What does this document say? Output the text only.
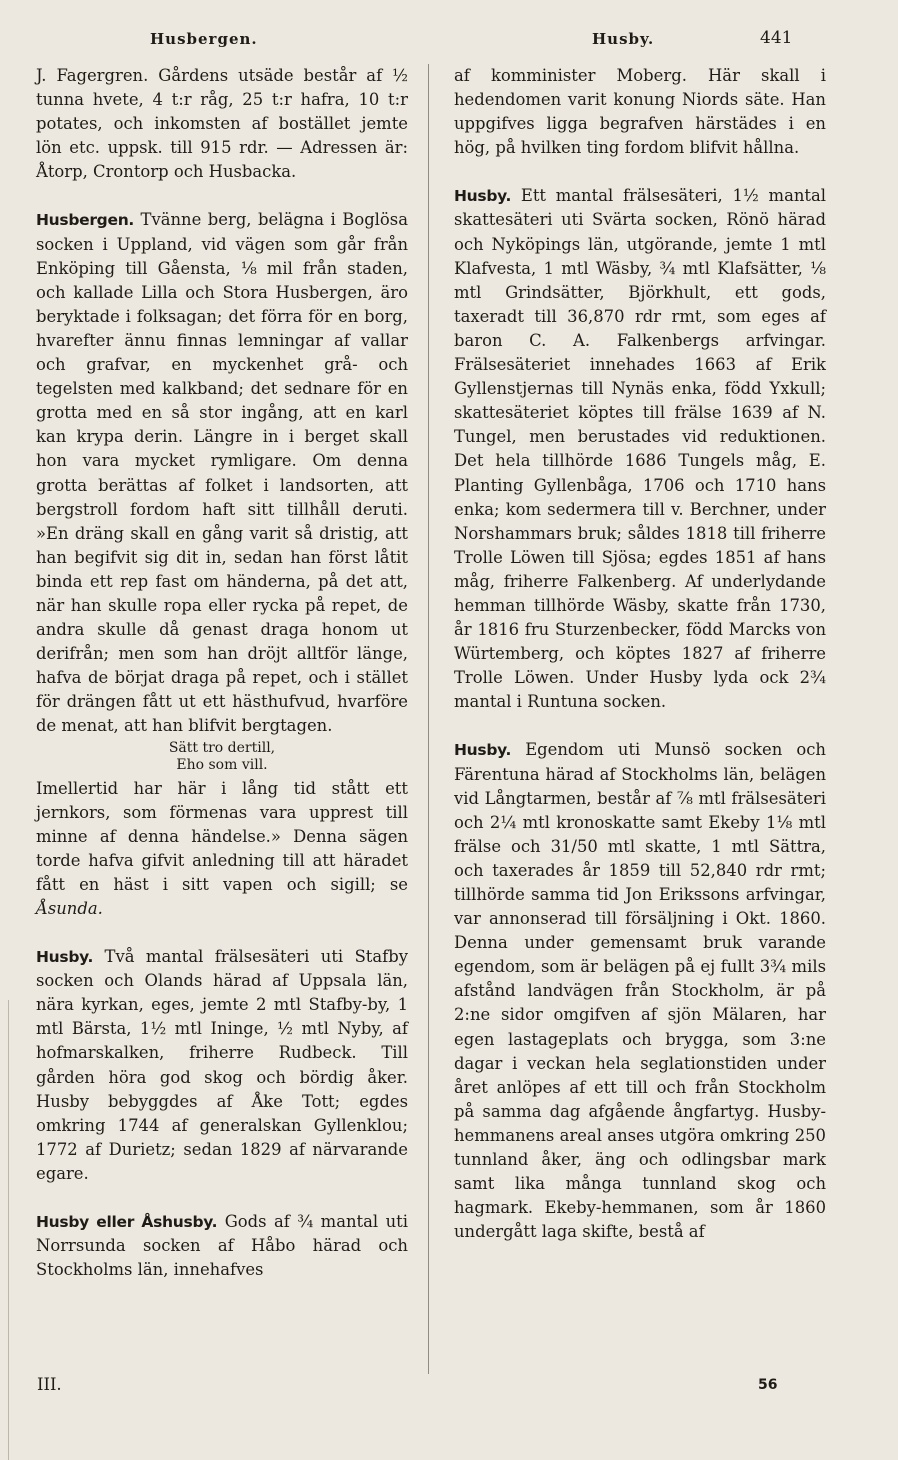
Husbergen.	Husby.	441

J. Fagergren. Gårdens utsäde består af ½ tunna hvete, 4 t:r råg, 25 t:r hafra, 10 t:r potates, och inkomsten af bostället jemte lön etc. uppsk. till 915 rdr. — Adressen är: Åtorp, Crontorp och Husbacka.

Husbergen. Tvänne berg, belägna i Boglösa socken i Uppland, vid vägen som går från Enköping till Gåensta, ⅛ mil från staden, och kallade Lilla och Stora Husbergen, äro beryktade i folksagan; det förra för en borg, hvarefter ännu finnas lemningar af vallar och grafvar, en myckenhet grå- och tegelsten med kalkband; det sednare för en grotta med en så stor ingång, att en karl kan krypa derin. Längre in i berget skall hon vara mycket rymligare. Om denna grotta berättas af folket i landsorten, att bergstroll fordom haft sitt tillhåll deruti. »En dräng skall en gång varit så dristig, att han begifvit sig dit in, sedan han först låtit binda ett rep fast om händerna, på det att, när han skulle ropa eller rycka på repet, de andra skulle då genast draga honom ut derifrån; men som han dröjt alltför länge, hafva de börjat draga på repet, och i stället för drängen fått ut ett hästhufvud, hvarföre de menat, att han blifvit bergtagen.

Sätt tro dertill,
Eho som vill.

Imellertid har här i lång tid stått ett jernkors, som förmenas vara upprest till minne af denna händelse.» Denna sägen torde hafva gifvit anledning till att häradet fått en häst i sitt vapen och sigill; se Åsunda.

Husby. Två mantal frälsesäteri uti Stafby socken och Olands härad af Uppsala län, nära kyrkan, eges, jemte 2 mtl Stafby-by, 1 mtl Bärsta, 1½ mtl Ininge, ½ mtl Nyby, af hofmarskalken, friherre Rudbeck. Till gården höra god skog och bördig åker. Husby bebyggdes af Åke Tott; egdes omkring 1744 af generalskan Gyllenklou; 1772 af Durietz; sedan 1829 af närvarande egare.

Husby eller Åshusby. Gods af ¾ mantal uti Norrsunda socken af Håbo härad och Stockholms län, innehafves

af komminister Moberg. Här skall i hedendomen varit konung Niords säte. Han uppgifves ligga begrafven härstädes i en hög, på hvilken ting fordom blifvit hållna.

Husby. Ett mantal frälsesäteri, 1½ mantal skattesäteri uti Svärta socken, Rönö härad och Nyköpings län, utgörande, jemte 1 mtl Klafvesta, 1 mtl Wäsby, ¾ mtl Klafsätter, ⅛ mtl Grindsätter, Björkhult, ett gods, taxeradt till 36,870 rdr rmt, som eges af baron C. A. Falkenbergs arfvingar. Frälsesäteriet innehades 1663 af Erik Gyllenstjernas till Nynäs enka, född Yxkull; skattesäteriet köptes till frälse 1639 af N. Tungel, men berustades vid reduktionen. Det hela tillhörde 1686 Tungels måg, E. Planting Gyllenbåga, 1706 och 1710 hans enka; kom sedermera till v. Berchner, under Norshammars bruk; såldes 1818 till friherre Trolle Löwen till Sjösa; egdes 1851 af hans måg, friherre Falkenberg. Af underlydande hemman tillhörde Wäsby, skatte från 1730, år 1816 fru Sturzenbecker, född Marcks von Würtemberg, och köptes 1827 af friherre Trolle Löwen. Under Husby lyda ock 2¾ mantal i Runtuna socken.

Husby. Egendom uti Munsö socken och Färentuna härad af Stockholms län, belägen vid Långtarmen, består af ⅞ mtl frälsesäteri och 2¼ mtl kronoskatte samt Ekeby 1⅛ mtl frälse och 31/50 mtl skatte, 1 mtl Sättra, och taxerades år 1859 till 52,840 rdr rmt; tillhörde samma tid Jon Erikssons arfvingar, var annonserad till försäljning i Okt. 1860. Denna under gemensamt bruk varande egendom, som är belägen på ej fullt 3¾ mils afstånd landvägen från Stockholm, är på 2:ne sidor omgifven af sjön Mälaren, har egen lastageplats och brygga, som 3:ne dagar i veckan hela seglationstiden under året anlöpes af ett till och från Stockholm på samma dag afgående ångfartyg. Husby-hemmanens areal anses utgöra omkring 250 tunnland åker, äng och odlingsbar mark samt lika många tunnland skog och hagmark. Ekeby-hemmanen, som år 1860 undergått laga skifte, bestå af

III.	56
